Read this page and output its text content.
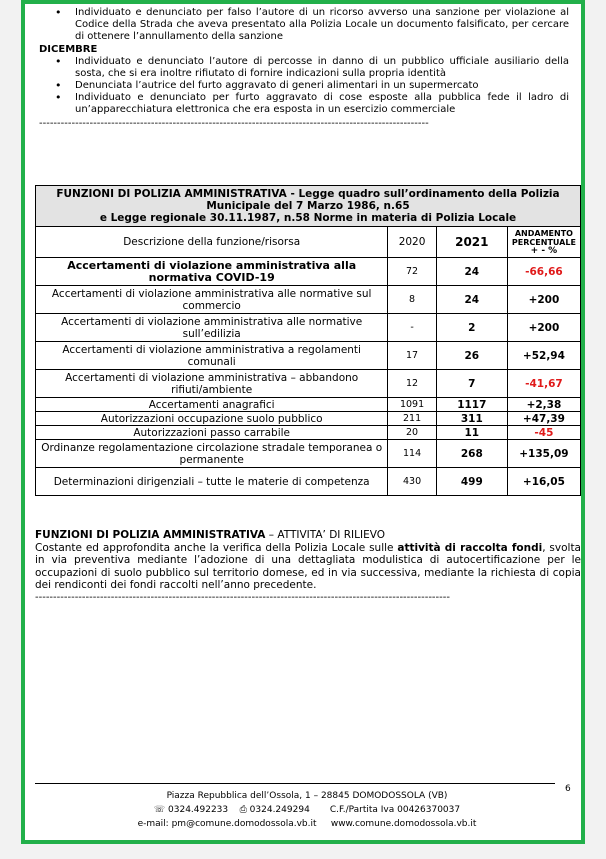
• Individuato e denunciato per falso l’autore di un ricorso avverso una sanzione per violazione al Codice della Strada che aveva presentato alla Polizia Locale un documento falsificato, per cercare di ottenere l’annullamento della sanzione
DICEMBRE
• Individuato e denunciato l’autore di percosse in danno di un pubblico ufficiale ausiliario della sosta, che si era inoltre rifiutato di fornire indicazioni sulla propria identità
• Denunciata l’autrice del furto aggravato di generi alimentari in un supermercato
• Individuato e denunciato per furto aggravato di cose esposte alla pubblica fede il ladro di un’apparecchiatura elettronica che era esposta in un esercizio commerciale
------------------------------------------------------------------------------------------------------------
FUNZIONI DI POLIZIA AMMINISTRATIVA - Legge quadro sull’ordinamento della Polizia Municipale del 7 Marzo 1986, n.65
e Legge regionale 30.11.1987, n.58 Norme in materia di Polizia Locale			

Descrizione della funzione/risorsa	2020	2021	ANDAMENTO PERCENTUALE
+ - %

Accertamenti di violazione amministrativa alla normativa COVID-19	72	24	-66,66
Accertamenti di violazione amministrativa alle normative sul commercio	8	24	+200
Accertamenti di violazione amministrativa alle normative sull’edilizia	-	2	+200
Accertamenti di violazione amministrativa a regolamenti comunali	17	26	+52,94
Accertamenti di violazione amministrativa – abbandono rifiuti/ambiente	12	7	-41,67
Accertamenti anagrafici	1091	1117	+2,38
Autorizzazioni occupazione suolo pubblico	211	311	+47,39
Autorizzazioni passo carrabile	20	11	-45
Ordinanze regolamentazione circolazione stradale temporanea o permanente	114	268	+135,09
Determinazioni dirigenziali – tutte le materie di competenza	430	499	+16,05
FUNZIONI DI POLIZIA AMMINISTRATIVA – ATTIVITA’ DI RILIEVO
Costante ed approfondita anche la verifica della Polizia Locale sulle attività di raccolta fondi, svolta in via preventiva mediante l’adozione di una dettagliata modulistica di autocertificazione per le occupazioni di suolo pubblico sul territorio domese, ed in via successiva, mediante la richiesta di copia dei rendiconti dei fondi raccolti nell’anno precedente.
-------------------------------------------------------------------------------------------------------------------
6
Piazza Repubblica dell’Ossola, 1 – 28845 DOMODOSSOLA (VB)
☏ 0324.492233 ⎙ 0324.249294 C.F./Partita Iva 00426370037
e-mail: pm@comune.domodossola.vb.it www.comune.domodossola.vb.it
